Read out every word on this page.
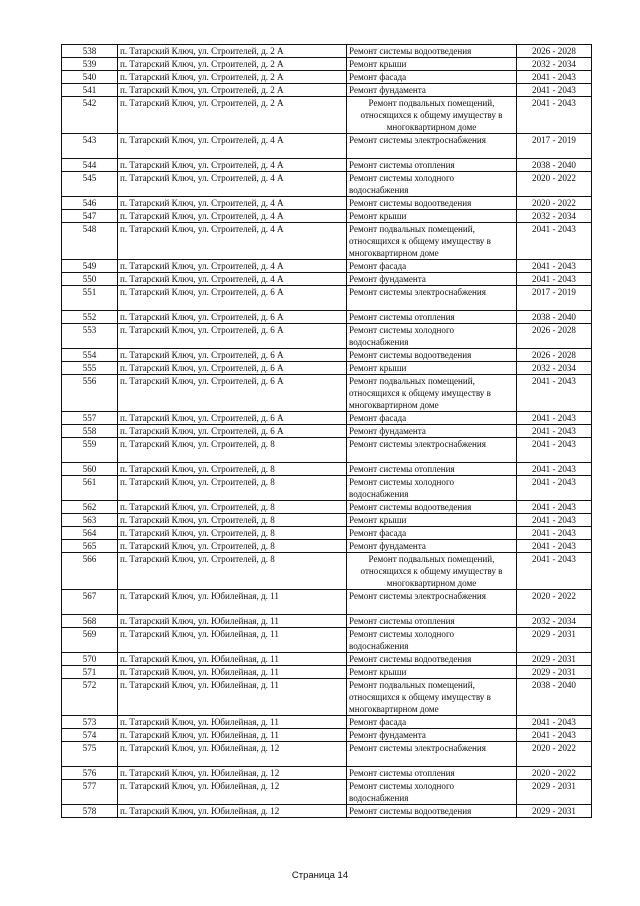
538	п. Татарский Ключ, ул. Строителей, д. 2 А	Ремонт системы водоотведения	2026 - 2028
539	п. Татарский Ключ, ул. Строителей, д. 2 А	Ремонт крыши	2032 - 2034
540	п. Татарский Ключ, ул. Строителей, д. 2 А	Ремонт фасада	2041 - 2043
541	п. Татарский Ключ, ул. Строителей, д. 2 А	Ремонт фундамента	2041 - 2043
542	п. Татарский Ключ, ул. Строителей, д. 2 А	Ремонт подвальных помещений, относящихся к общему имуществу в многоквартирном доме	2041 - 2043
543	п. Татарский Ключ, ул. Строителей, д. 4 А	Ремонт системы электроснабжения	2017 - 2019
544	п. Татарский Ключ, ул. Строителей, д. 4 А	Ремонт системы отопления	2038 - 2040
545	п. Татарский Ключ, ул. Строителей, д. 4 А	Ремонт системы холодного водоснабжения	2020 - 2022
546	п. Татарский Ключ, ул. Строителей, д. 4 А	Ремонт системы водоотведения	2020 - 2022
547	п. Татарский Ключ, ул. Строителей, д. 4 А	Ремонт крыши	2032 - 2034
548	п. Татарский Ключ, ул. Строителей, д. 4 А	Ремонт подвальных помещений, относящихся к общему имуществу в многоквартирном доме	2041 - 2043
549	п. Татарский Ключ, ул. Строителей, д. 4 А	Ремонт фасада	2041 - 2043
550	п. Татарский Ключ, ул. Строителей, д. 4 А	Ремонт фундамента	2041 - 2043
551	п. Татарский Ключ, ул. Строителей, д. 6 А	Ремонт системы электроснабжения	2017 - 2019
552	п. Татарский Ключ, ул. Строителей, д. 6 А	Ремонт системы отопления	2038 - 2040
553	п. Татарский Ключ, ул. Строителей, д. 6 А	Ремонт системы холодного водоснабжения	2026 - 2028
554	п. Татарский Ключ, ул. Строителей, д. 6 А	Ремонт системы водоотведения	2026 - 2028
555	п. Татарский Ключ, ул. Строителей, д. 6 А	Ремонт крыши	2032 - 2034
556	п. Татарский Ключ, ул. Строителей, д. 6 А	Ремонт подвальных помещений, относящихся к общему имуществу в многоквартирном доме	2041 - 2043
557	п. Татарский Ключ, ул. Строителей, д. 6 А	Ремонт фасада	2041 - 2043
558	п. Татарский Ключ, ул. Строителей, д. 6 А	Ремонт фундамента	2041 - 2043
559	п. Татарский Ключ, ул. Строителей, д. 8	Ремонт системы электроснабжения	2041 - 2043
560	п. Татарский Ключ, ул. Строителей, д. 8	Ремонт системы отопления	2041 - 2043
561	п. Татарский Ключ, ул. Строителей, д. 8	Ремонт системы холодного водоснабжения	2041 - 2043
562	п. Татарский Ключ, ул. Строителей, д. 8	Ремонт системы водоотведения	2041 - 2043
563	п. Татарский Ключ, ул. Строителей, д. 8	Ремонт крыши	2041 - 2043
564	п. Татарский Ключ, ул. Строителей, д. 8	Ремонт фасада	2041 - 2043
565	п. Татарский Ключ, ул. Строителей, д. 8	Ремонт фундамента	2041 - 2043
566	п. Татарский Ключ, ул. Строителей, д. 8	Ремонт подвальных помещений, относящихся к общему имуществу в многоквартирном доме	2041 - 2043
567	п. Татарский Ключ, ул. Юбилейная, д. 11	Ремонт системы электроснабжения	2020 - 2022
568	п. Татарский Ключ, ул. Юбилейная, д. 11	Ремонт системы отопления	2032 - 2034
569	п. Татарский Ключ, ул. Юбилейная, д. 11	Ремонт системы холодного водоснабжения	2029 - 2031
570	п. Татарский Ключ, ул. Юбилейная, д. 11	Ремонт системы водоотведения	2029 - 2031
571	п. Татарский Ключ, ул. Юбилейная, д. 11	Ремонт крыши	2029 - 2031
572	п. Татарский Ключ, ул. Юбилейная, д. 11	Ремонт подвальных помещений, относящихся к общему имуществу в многоквартирном доме	2038 - 2040
573	п. Татарский Ключ, ул. Юбилейная, д. 11	Ремонт фасада	2041 - 2043
574	п. Татарский Ключ, ул. Юбилейная, д. 11	Ремонт фундамента	2041 - 2043
575	п. Татарский Ключ, ул. Юбилейная, д. 12	Ремонт системы электроснабжения	2020 - 2022
576	п. Татарский Ключ, ул. Юбилейная, д. 12	Ремонт системы отопления	2020 - 2022
577	п. Татарский Ключ, ул. Юбилейная, д. 12	Ремонт системы холодного водоснабжения	2029 - 2031
578	п. Татарский Ключ, ул. Юбилейная, д. 12	Ремонт системы водоотведения	2029 - 2031
Страница 14
